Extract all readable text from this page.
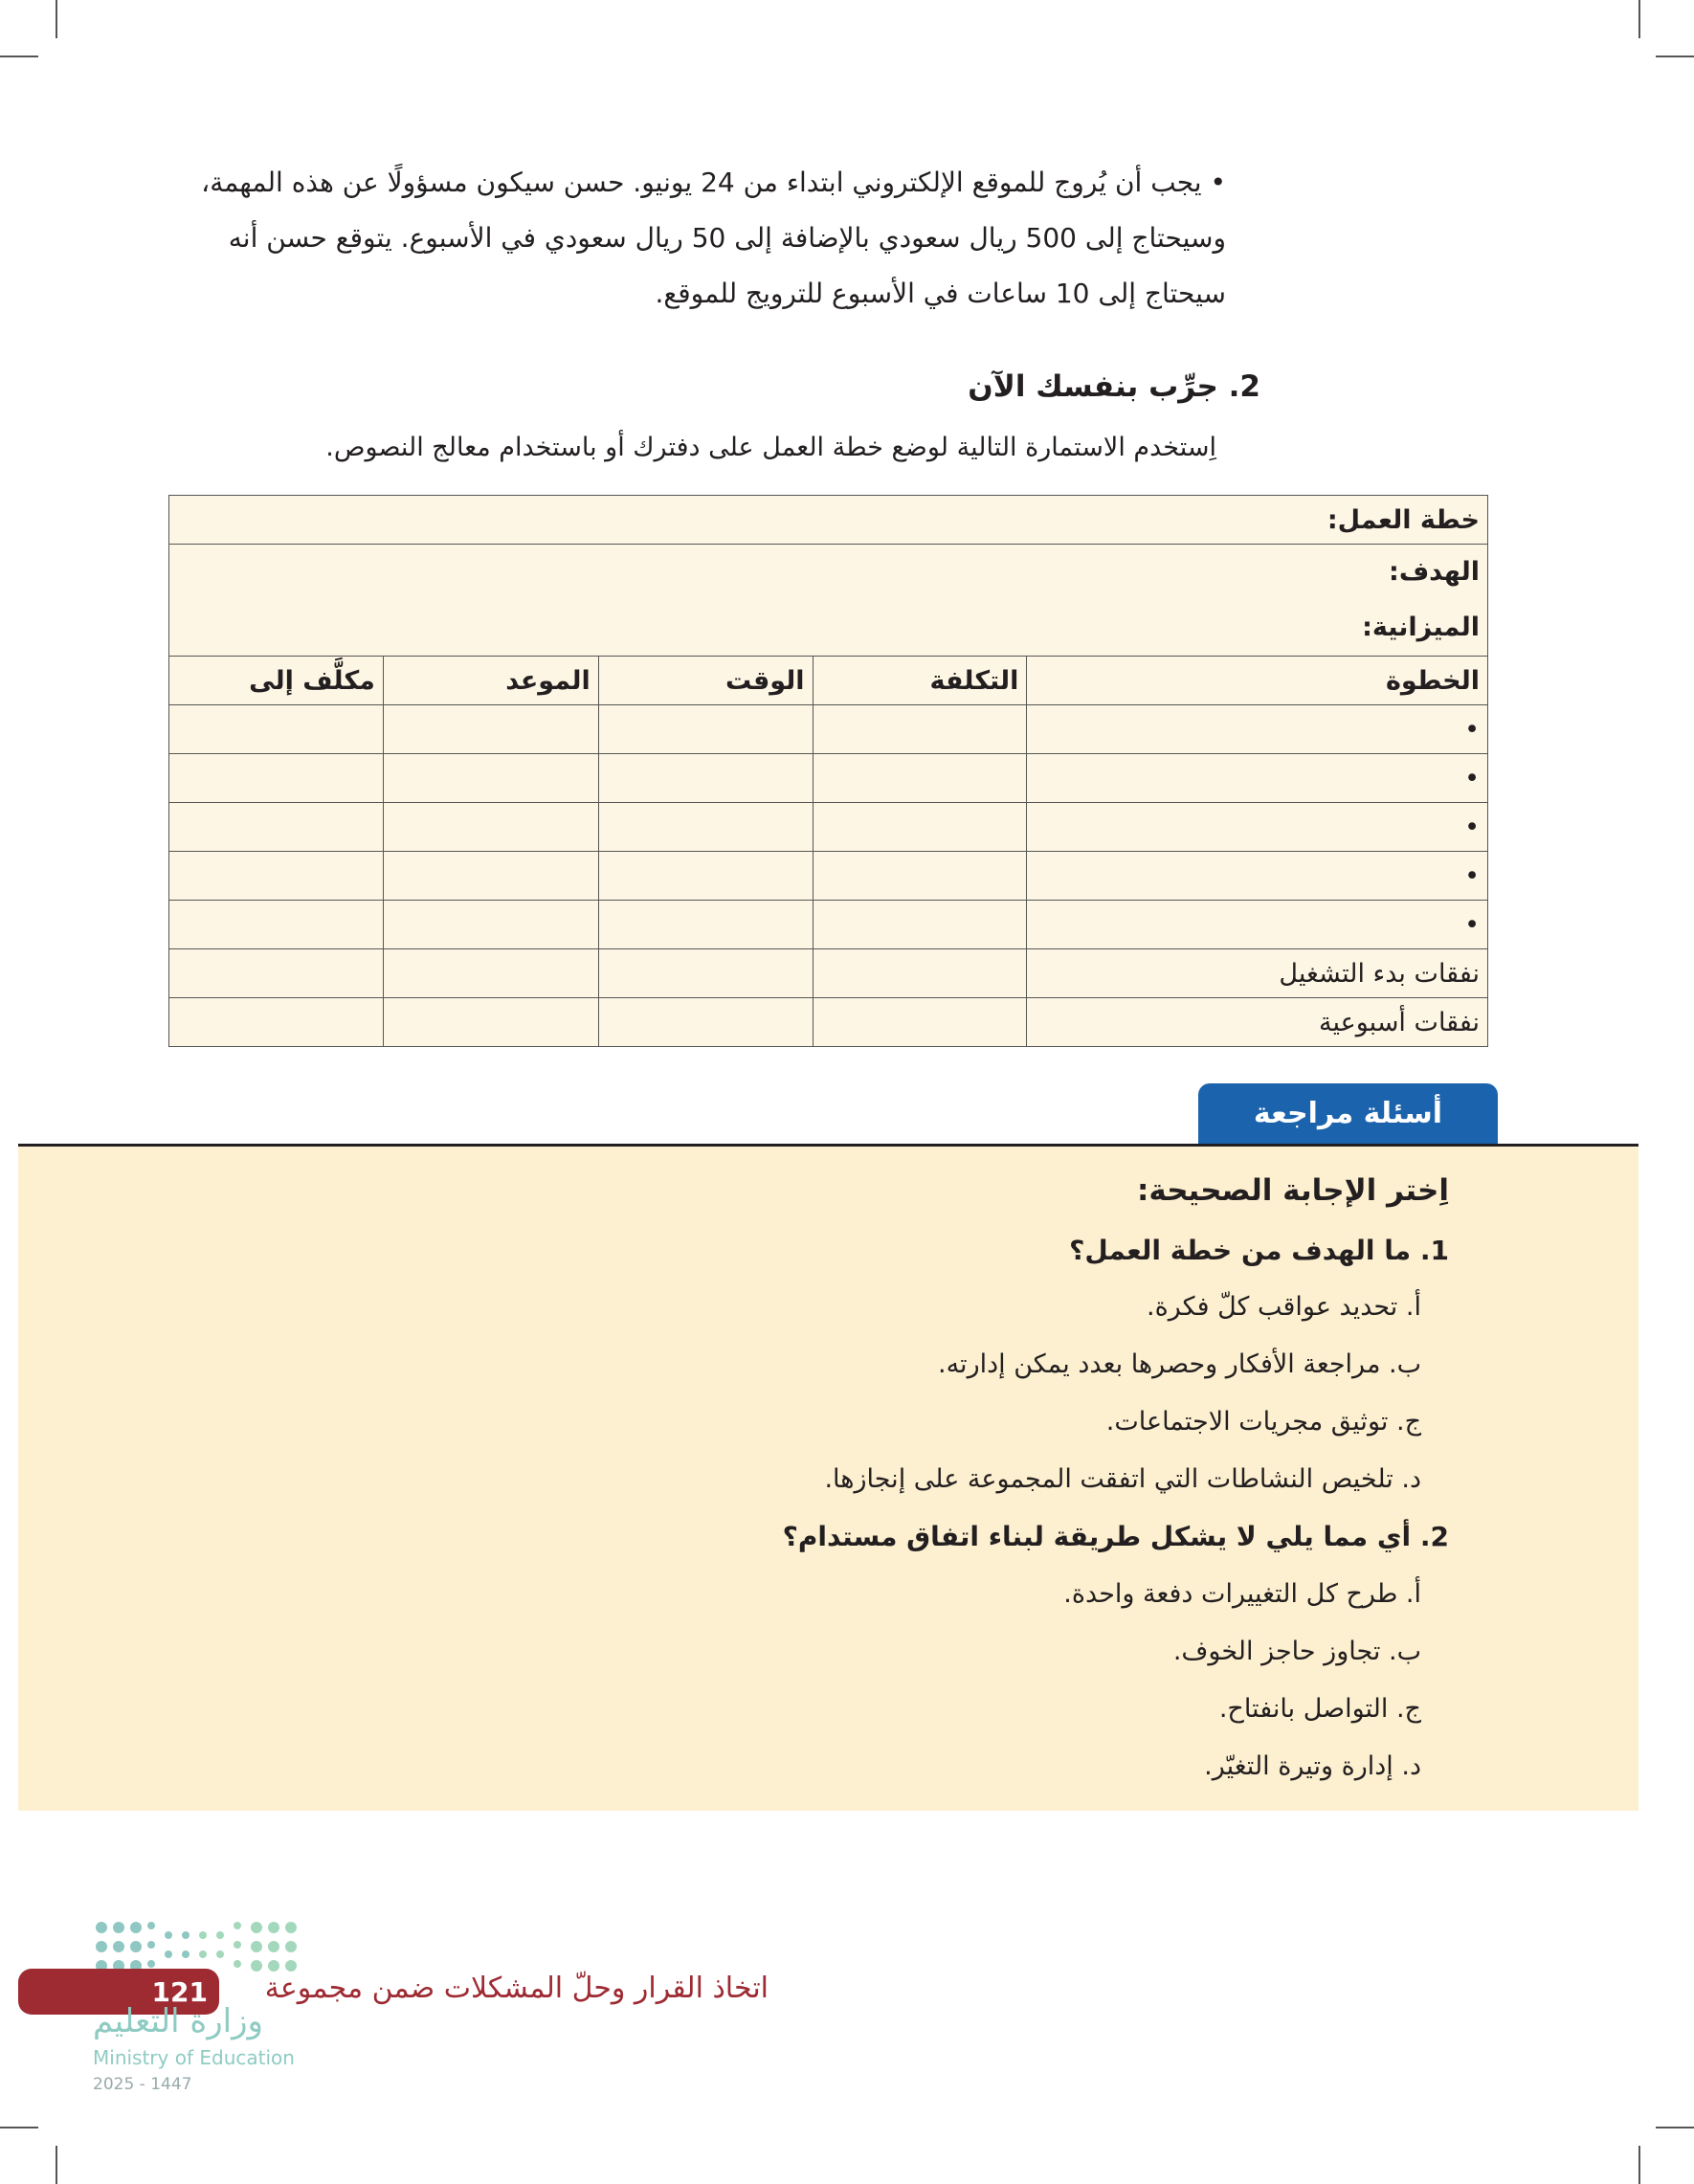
• يجب أن يُروج للموقع الإلكتروني ابتداء من 24 يونيو. حسن سيكون مسؤولًا عن هذه المهمة، وسيحتاج إلى 500 ريال سعودي بالإضافة إلى 50 ريال سعودي في الأسبوع. يتوقع حسن أنه سيحتاج إلى 10 ساعات في الأسبوع للترويج للموقع.

2. جرِّب بنفسك الآن

اِستخدم الاستمارة التالية لوضع خطة العمل على دفترك أو باستخدام معالج النصوص.

خطة العمل:				

الهدف:
الميزانية:				

الخطوة	التكلفة	الوقت	الموعد	مكلَّف إلى
•				
•				
•				
•				
•				
نفقات بدء التشغيل				
نفقات أسبوعية				
أسئلة مراجعة
اِختر الإجابة الصحيحة:
1. ما الهدف من خطة العمل؟
أ. تحديد عواقب كلّ فكرة.
ب. مراجعة الأفكار وحصرها بعدد يمكن إدارته.
ج. توثيق مجريات الاجتماعات.
د. تلخيص النشاطات التي اتفقت المجموعة على إنجازها.
2. أي مما يلي لا يشكل طريقة لبناء اتفاق مستدام؟
أ. طرح كل التغييرات دفعة واحدة.
ب. تجاوز حاجز الخوف.
ج. التواصل بانفتاح.
د. إدارة وتيرة التغيّر.
121	اتخاذ القرار وحلّ المشكلات ضمن مجموعة
وزارة التعليم
Ministry of Education
2025 - 1447
